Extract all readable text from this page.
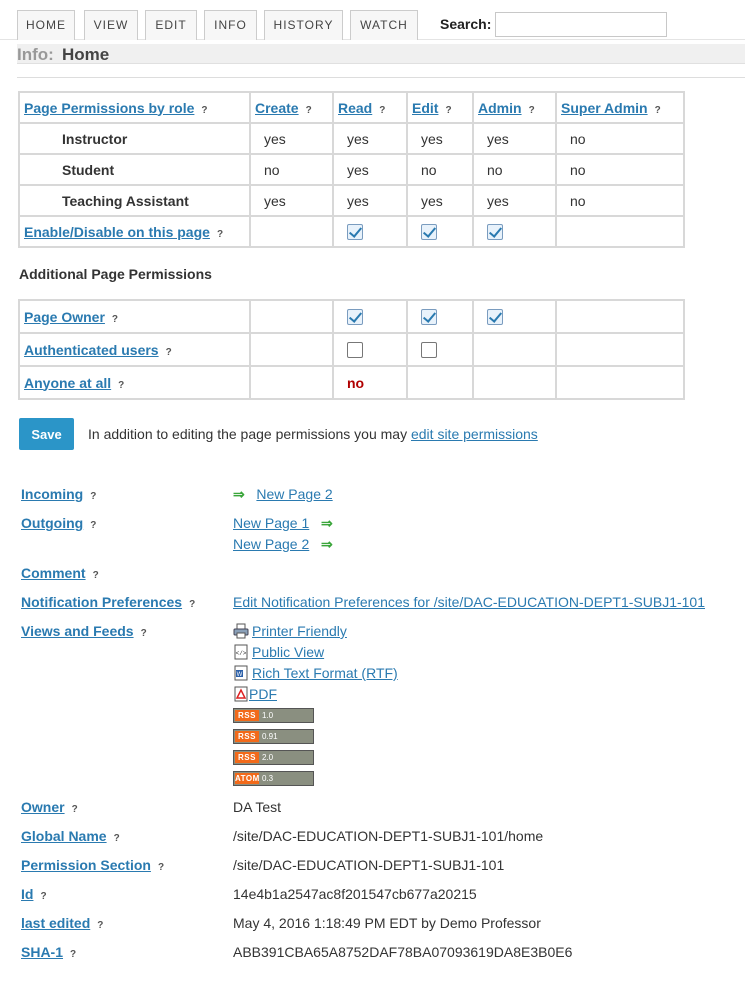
HOME	VIEW	EDIT	INFO	HISTORY	WATCH	Search:
Info: Home
Page Permissions by role ?	Create ?	Read ?	Edit ?	Admin ?	Super Admin ?
Instructor	yes	yes	yes	yes	no
Student	no	yes	no	no	no
Teaching Assistant	yes	yes	yes	yes	no
Enable/Disable on this page ?					
Additional Page Permissions
Page Owner ?					
Authenticated users ?					
Anyone at all ?		no			
Save	In addition to editing the page permissions you may edit site permissions
Incoming ?	⇒ New Page 2
Outgoing ?	New Page 1 ⇒
New Page 2 ⇒
Comment ?
Notification Preferences ?	Edit Notification Preferences for /site/DAC-EDUCATION-DEPT1-SUBJ1-101
Views and Feeds ?	Printer Friendly
</> Public View
W Rich Text Format (RTF)
PDF
RSS 1.0
RSS 0.91
RSS 2.0
ATOM 0.3
Owner ?	DA Test
Global Name ?	/site/DAC-EDUCATION-DEPT1-SUBJ1-101/home
Permission Section ?	/site/DAC-EDUCATION-DEPT1-SUBJ1-101
Id ?	14e4b1a2547ac8f201547cb677a20215
last edited ?	May 4, 2016 1:18:49 PM EDT by Demo Professor
SHA-1 ?	ABB391CBA65A8752DAF78BA07093619DA8E3B0E6
